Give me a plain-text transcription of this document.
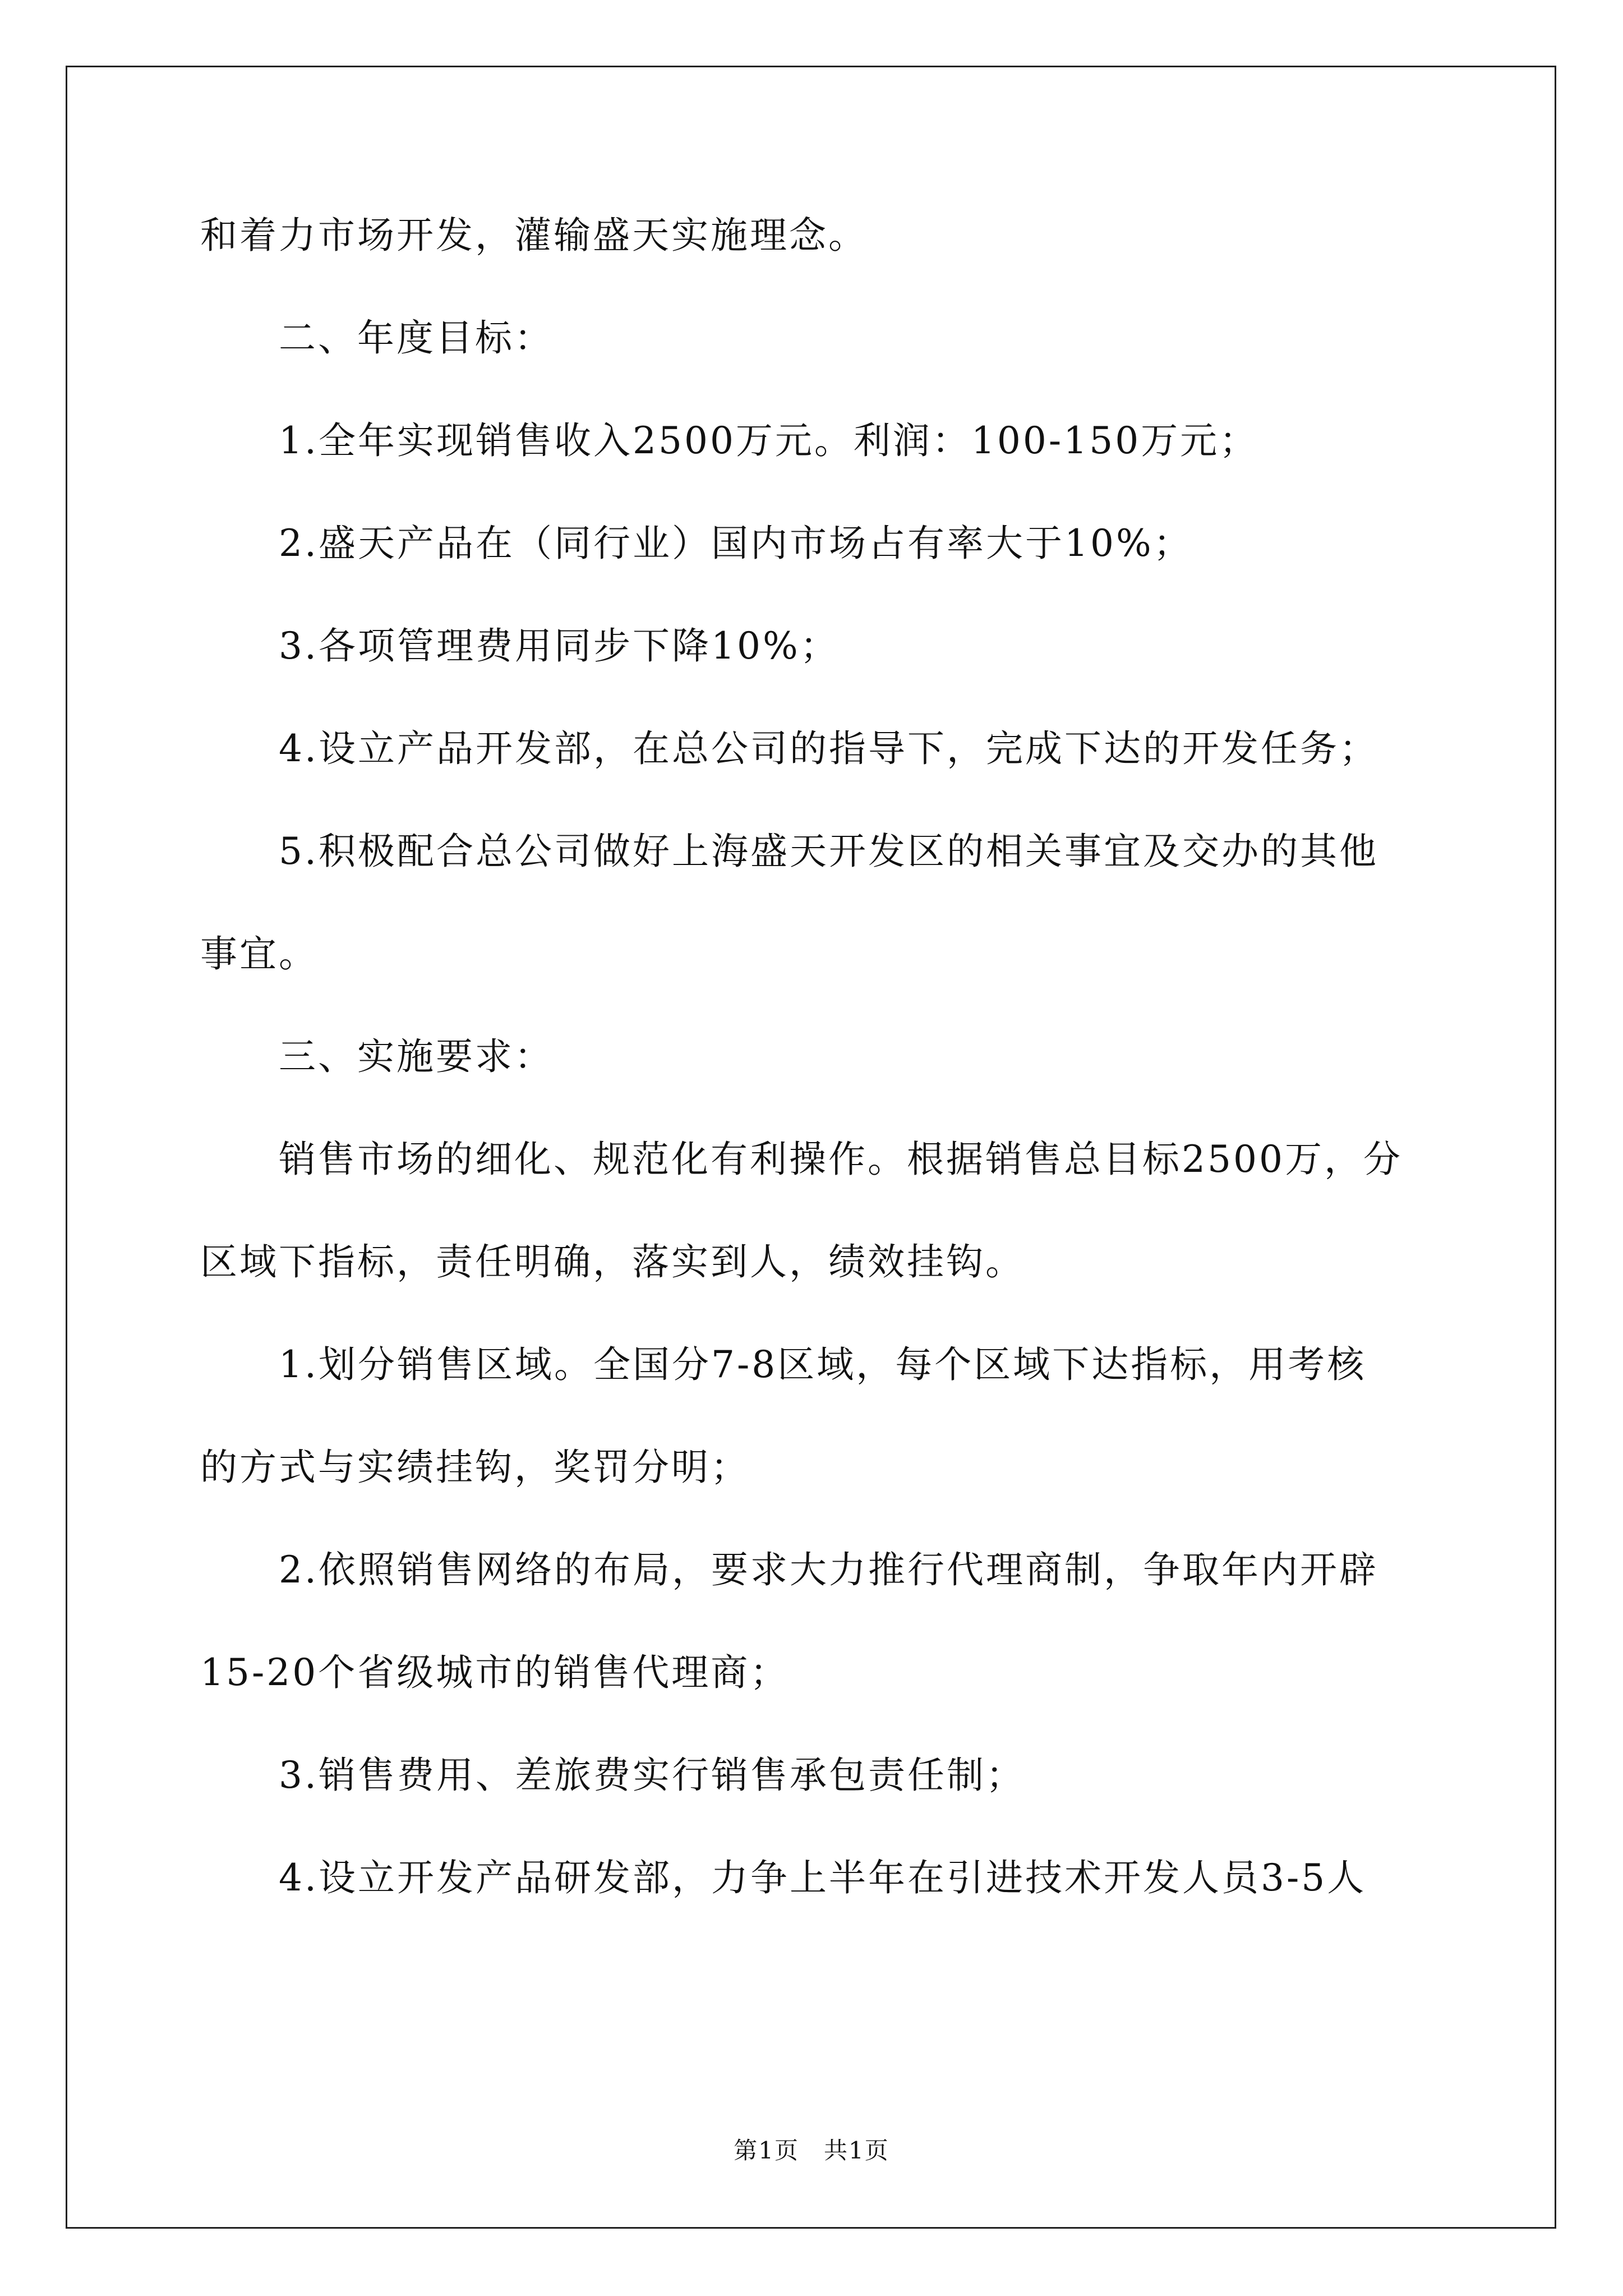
和着力市场开发，灌输盛天实施理念。
二、年度目标：
1.全年实现销售收入2500万元。利润：100-150万元；
2.盛天产品在（同行业）国内市场占有率大于10%；
3.各项管理费用同步下降10%；
4.设立产品开发部，在总公司的指导下，完成下达的开发任务；
5.积极配合总公司做好上海盛天开发区的相关事宜及交办的其他
事宜。
三、实施要求：
销售市场的细化、规范化有利操作。根据销售总目标2500万，分
区域下指标，责任明确，落实到人，绩效挂钩。
1.划分销售区域。全国分7-8区域，每个区域下达指标，用考核
的方式与实绩挂钩，奖罚分明；
2.依照销售网络的布局，要求大力推行代理商制，争取年内开辟
15-20个省级城市的销售代理商；
3.销售费用、差旅费实行销售承包责任制；
4.设立开发产品研发部，力争上半年在引进技术开发人员3-5人
第1页　共1页
